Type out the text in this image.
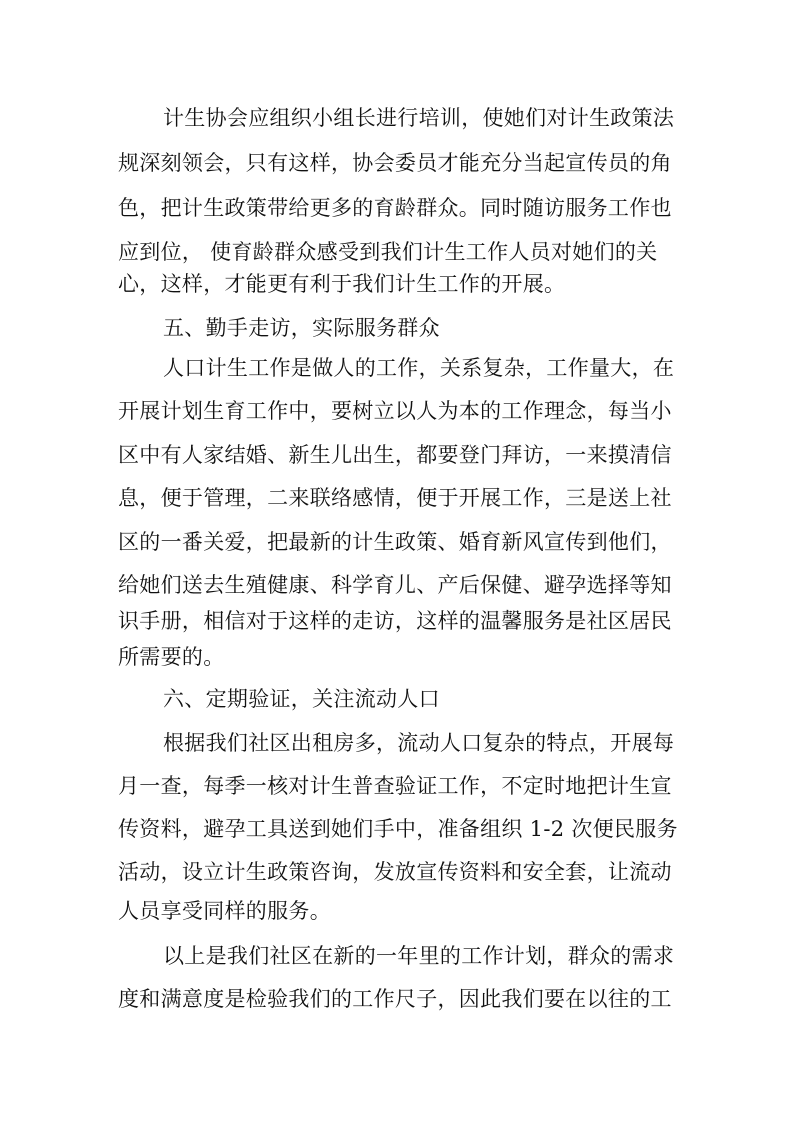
计生协会应组织小组长进行培训，使她们对计生政策法
规深刻领会，只有这样，协会委员才能充分当起宣传员的角
色，把计生政策带给更多的育龄群众。同时随访服务工作也
应到位， 使育龄群众感受到我们计生工作人员对她们的关
心，这样，才能更有利于我们计生工作的开展。
五、勤手走访，实际服务群众
人口计生工作是做人的工作，关系复杂，工作量大，在
开展计划生育工作中，要树立以人为本的工作理念，每当小
区中有人家结婚、新生儿出生，都要登门拜访，一来摸清信
息，便于管理，二来联络感情，便于开展工作，三是送上社
区的一番关爱，把最新的计生政策、婚育新风宣传到他们，
给她们送去生殖健康、科学育儿、产后保健、避孕选择等知
识手册，相信对于这样的走访，这样的温馨服务是社区居民
所需要的。
六、定期验证，关注流动人口
根据我们社区出租房多，流动人口复杂的特点，开展每
月一查，每季一核对计生普查验证工作，不定时地把计生宣
传资料，避孕工具送到她们手中，准备组织 1-2 次便民服务
活动，设立计生政策咨询，发放宣传资料和安全套，让流动
人员享受同样的服务。
以上是我们社区在新的一年里的工作计划，群众的需求
度和满意度是检验我们的工作尺子，因此我们要在以往的工
